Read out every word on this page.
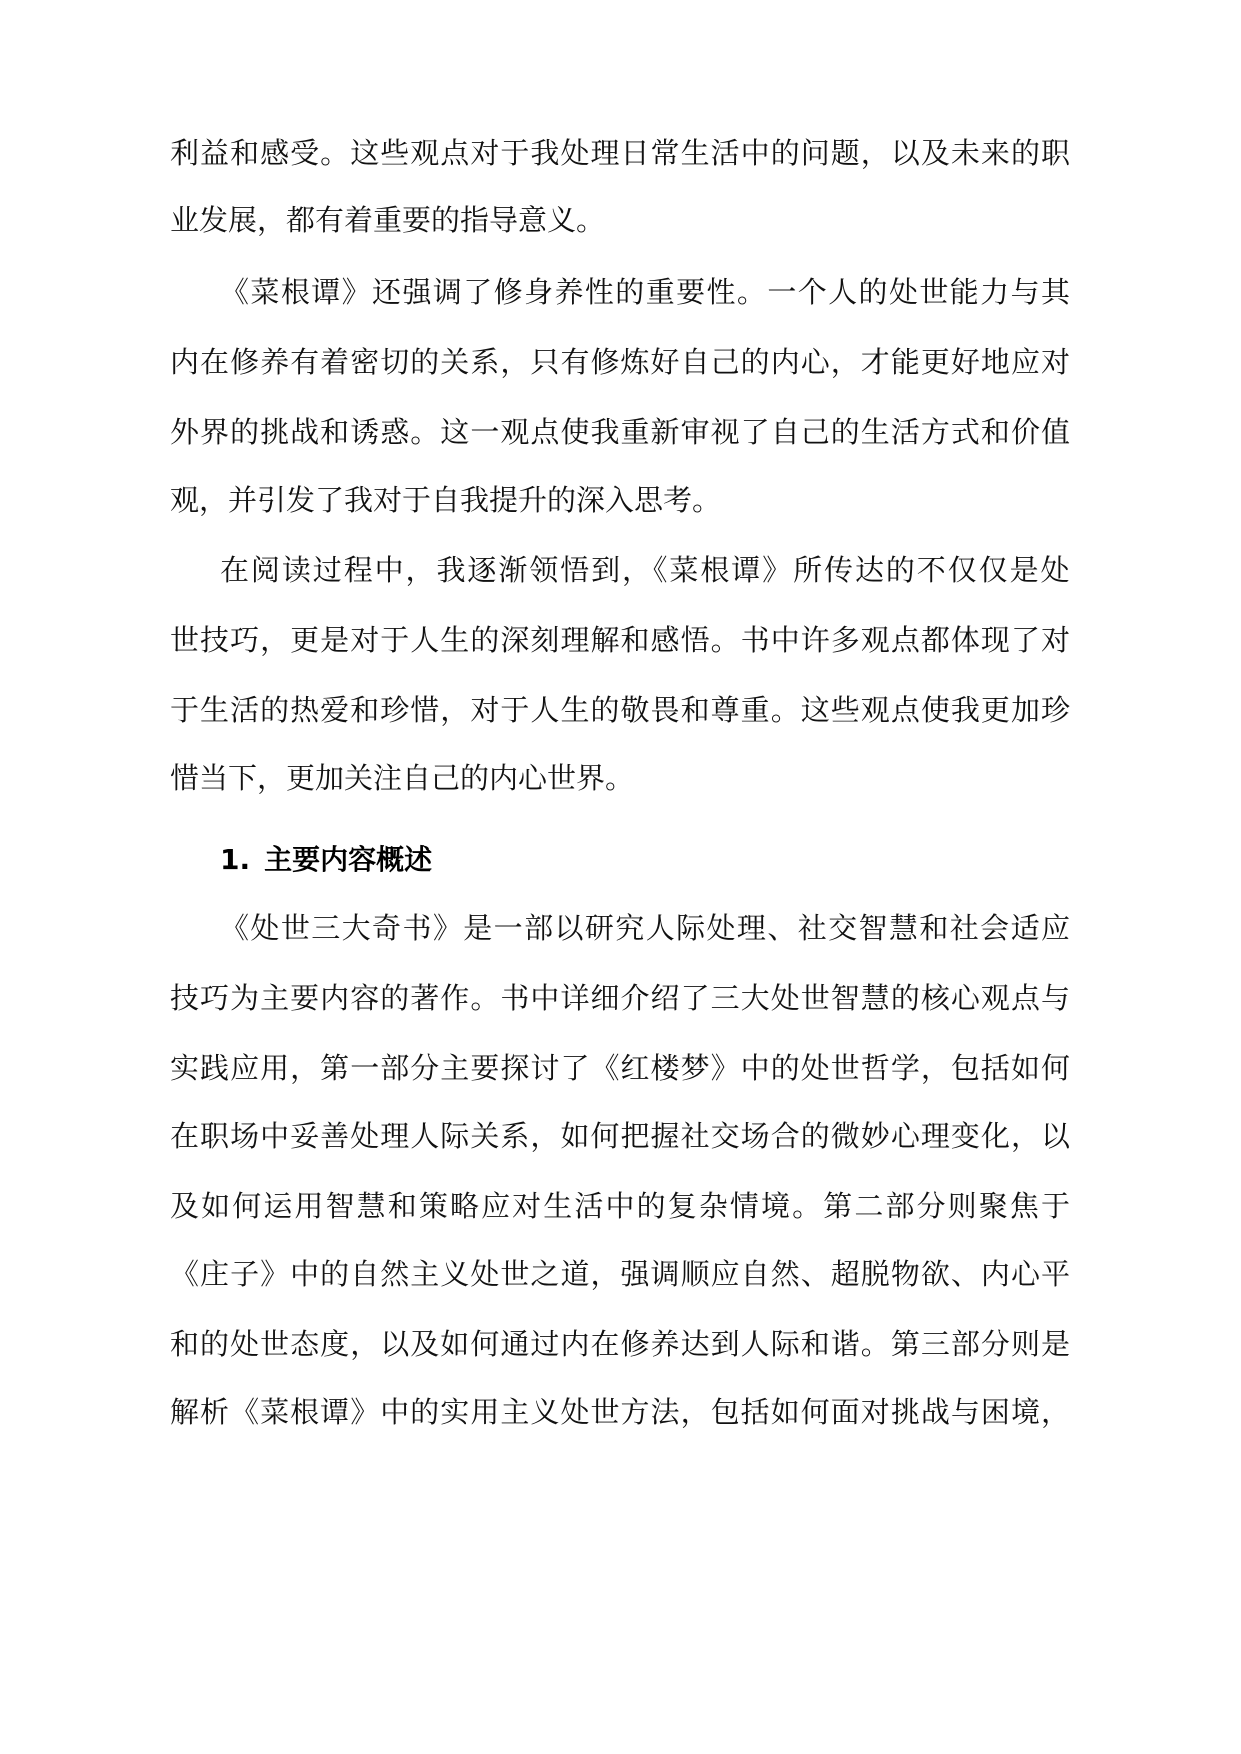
利益和感受。这些观点对于我处理日常生活中的问题，以及未来的职
业发展，都有着重要的指导意义。
《菜根谭》还强调了修身养性的重要性。一个人的处世能力与其
内在修养有着密切的关系，只有修炼好自己的内心，才能更好地应对
外界的挑战和诱惑。这一观点使我重新审视了自己的生活方式和价值
观，并引发了我对于自我提升的深入思考。
在阅读过程中，我逐渐领悟到，《菜根谭》所传达的不仅仅是处
世技巧，更是对于人生的深刻理解和感悟。书中许多观点都体现了对
于生活的热爱和珍惜，对于人生的敬畏和尊重。这些观点使我更加珍
惜当下，更加关注自己的内心世界。
1. 主要内容概述
《处世三大奇书》是一部以研究人际处理、社交智慧和社会适应
技巧为主要内容的著作。书中详细介绍了三大处世智慧的核心观点与
实践应用，第一部分主要探讨了《红楼梦》中的处世哲学，包括如何
在职场中妥善处理人际关系，如何把握社交场合的微妙心理变化，以
及如何运用智慧和策略应对生活中的复杂情境。第二部分则聚焦于
《庄子》中的自然主义处世之道，强调顺应自然、超脱物欲、内心平
和的处世态度，以及如何通过内在修养达到人际和谐。第三部分则是
解析《菜根谭》中的实用主义处世方法，包括如何面对挑战与困境，
